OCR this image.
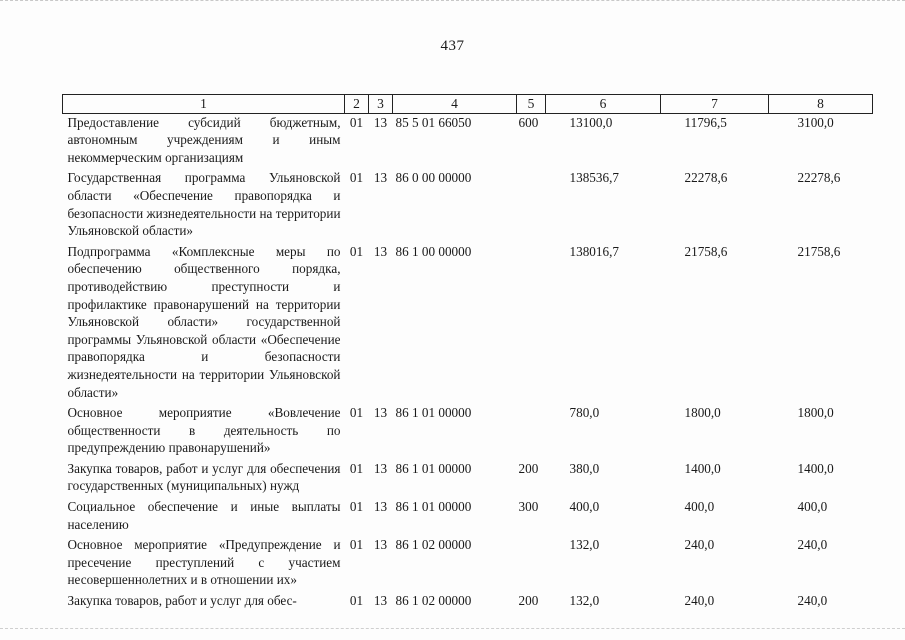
437
1	2	3	4	5	6	7	8
Предоставление субсидий бюджетным, автономным учреждениям и иным некоммерческим организациям	01	13	85 5 01 66050	600	13100,0	11796,5	3100,0
Государственная программа Ульяновской области «Обеспечение правопорядка и безопасности жизнедеятельности на территории Ульяновской области»	01	13	86 0 00 00000		138536,7	22278,6	22278,6
Подпрограмма «Комплексные меры по обеспечению общественного порядка, противодействию преступности и профилактике правонарушений на территории Ульяновской области» государственной программы Ульяновской области «Обеспечение правопорядка и безопасности жизнедеятельности на территории Ульяновской области»	01	13	86 1 00 00000		138016,7	21758,6	21758,6
Основное мероприятие «Вовлечение общественности в деятельность по предупреждению правонарушений»	01	13	86 1 01 00000		780,0	1800,0	1800,0
Закупка товаров, работ и услуг для обеспечения государственных (муниципальных) нужд	01	13	86 1 01 00000	200	380,0	1400,0	1400,0
Социальное обеспечение и иные выплаты населению	01	13	86 1 01 00000	300	400,0	400,0	400,0
Основное мероприятие «Предупреждение и пресечение преступлений с участием несовершеннолетних и в отношении их»	01	13	86 1 02 00000		132,0	240,0	240,0
Закупка товаров, работ и услуг для обес-	01	13	86 1 02 00000	200	132,0	240,0	240,0
